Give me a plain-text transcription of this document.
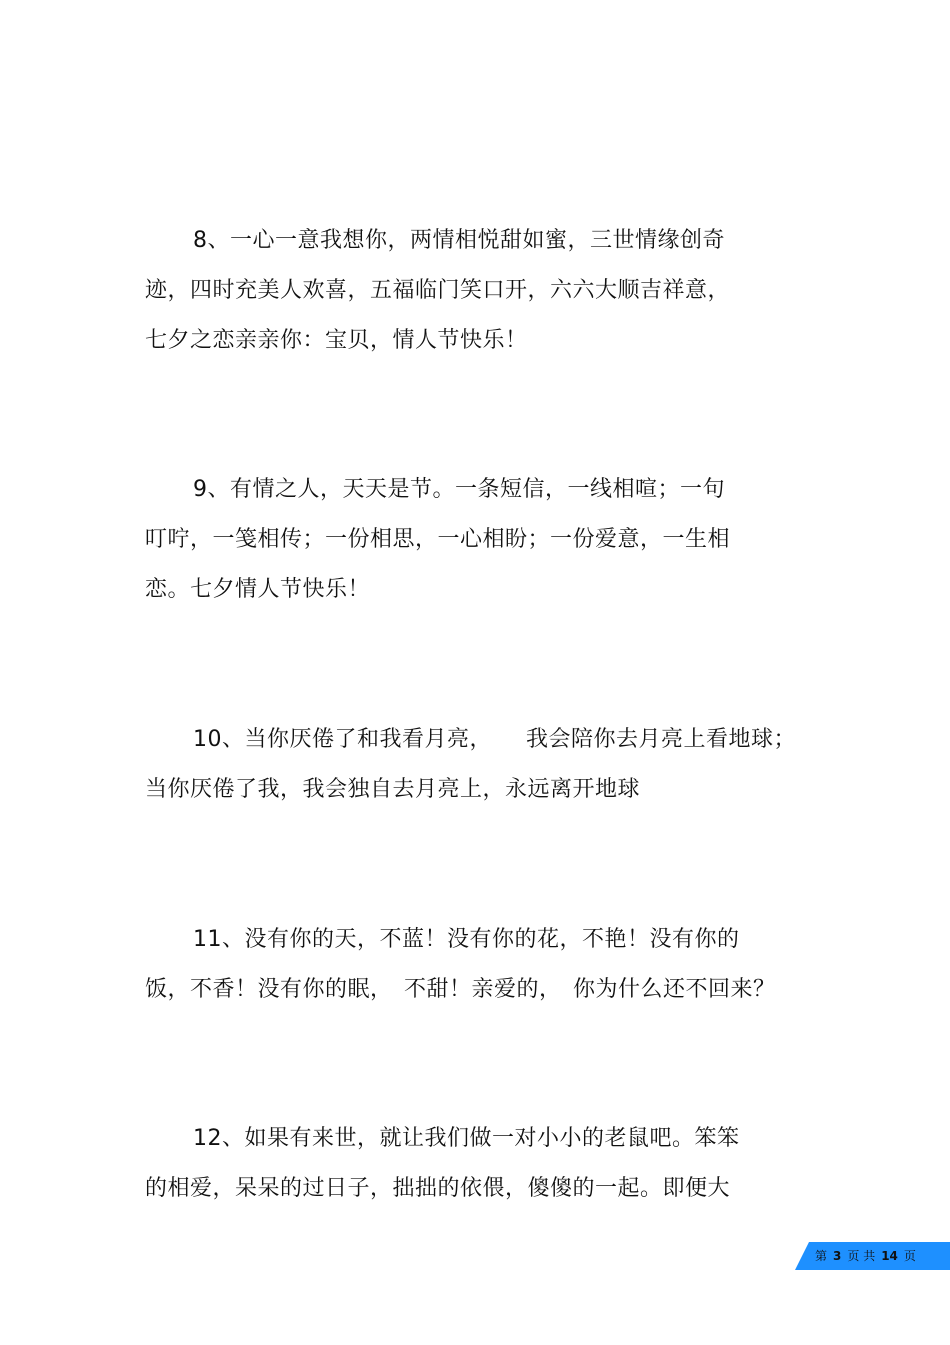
8、一心一意我想你，两情相悦甜如蜜，三世情缘创奇
迹，四时充美人欢喜，五福临门笑口开，六六大顺吉祥意，
七夕之恋亲亲你：宝贝，情人节快乐！
9、有情之人，天天是节。一条短信，一线相喧；一句
叮咛，一笺相传；一份相思，一心相盼；一份爱意，一生相
恋。七夕情人节快乐！
10、当你厌倦了和我看月亮，　　我会陪你去月亮上看地球；
当你厌倦了我，我会独自去月亮上，永远离开地球
11、没有你的天，不蓝！没有你的花，不艳！没有你的
饭，不香！没有你的眠，　不甜！亲爱的，　你为什么还不回来？
12、如果有来世，就让我们做一对小小的老鼠吧。笨笨
的相爱，呆呆的过日子，拙拙的依偎，傻傻的一起。即便大
第 3 页 共 14 页
